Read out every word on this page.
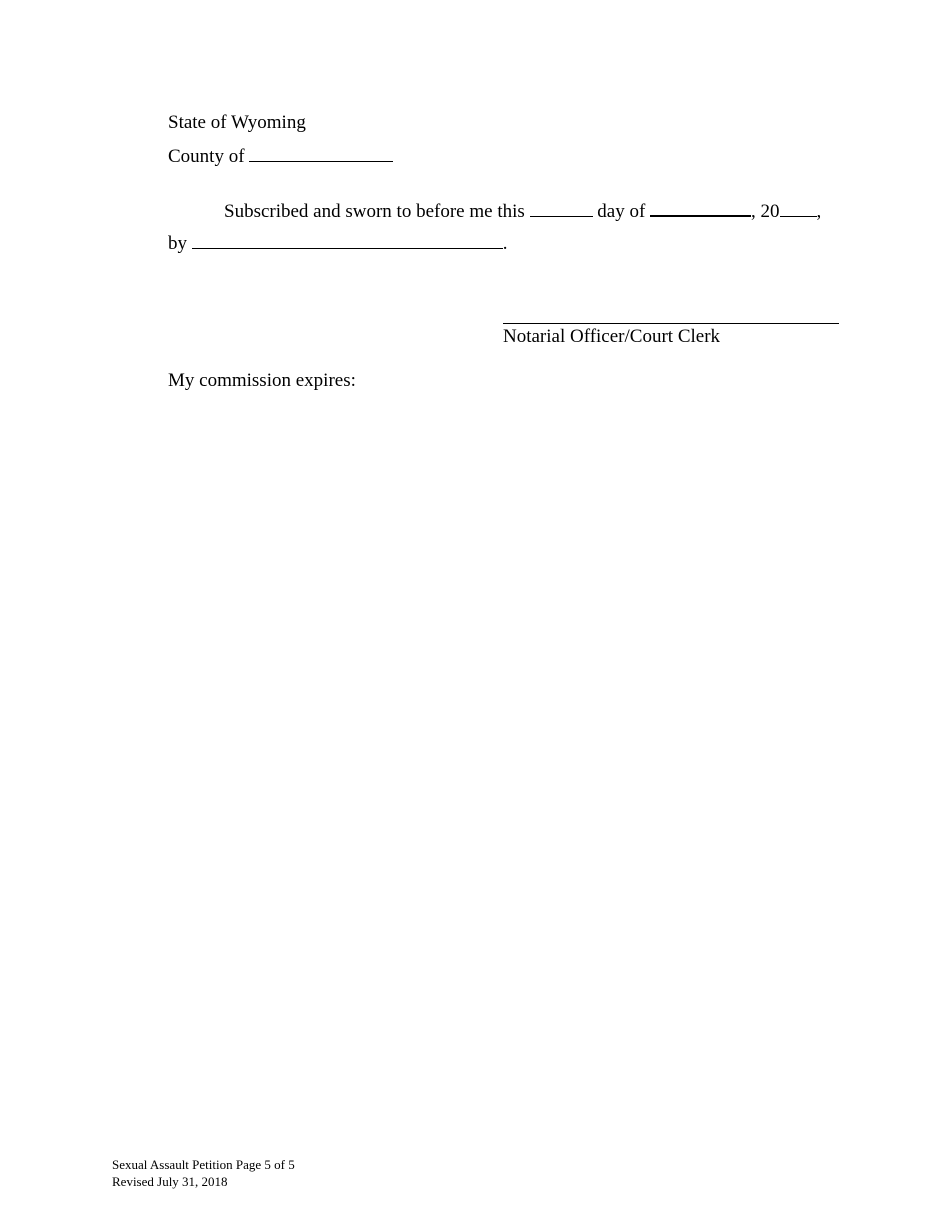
State of Wyoming
County of
Subscribed and sworn to before me this	day of	, 20 ,
by	.
Notarial Officer/Court Clerk
My commission expires:
Sexual Assault Petition Page 5 of 5
Revised July 31, 2018
